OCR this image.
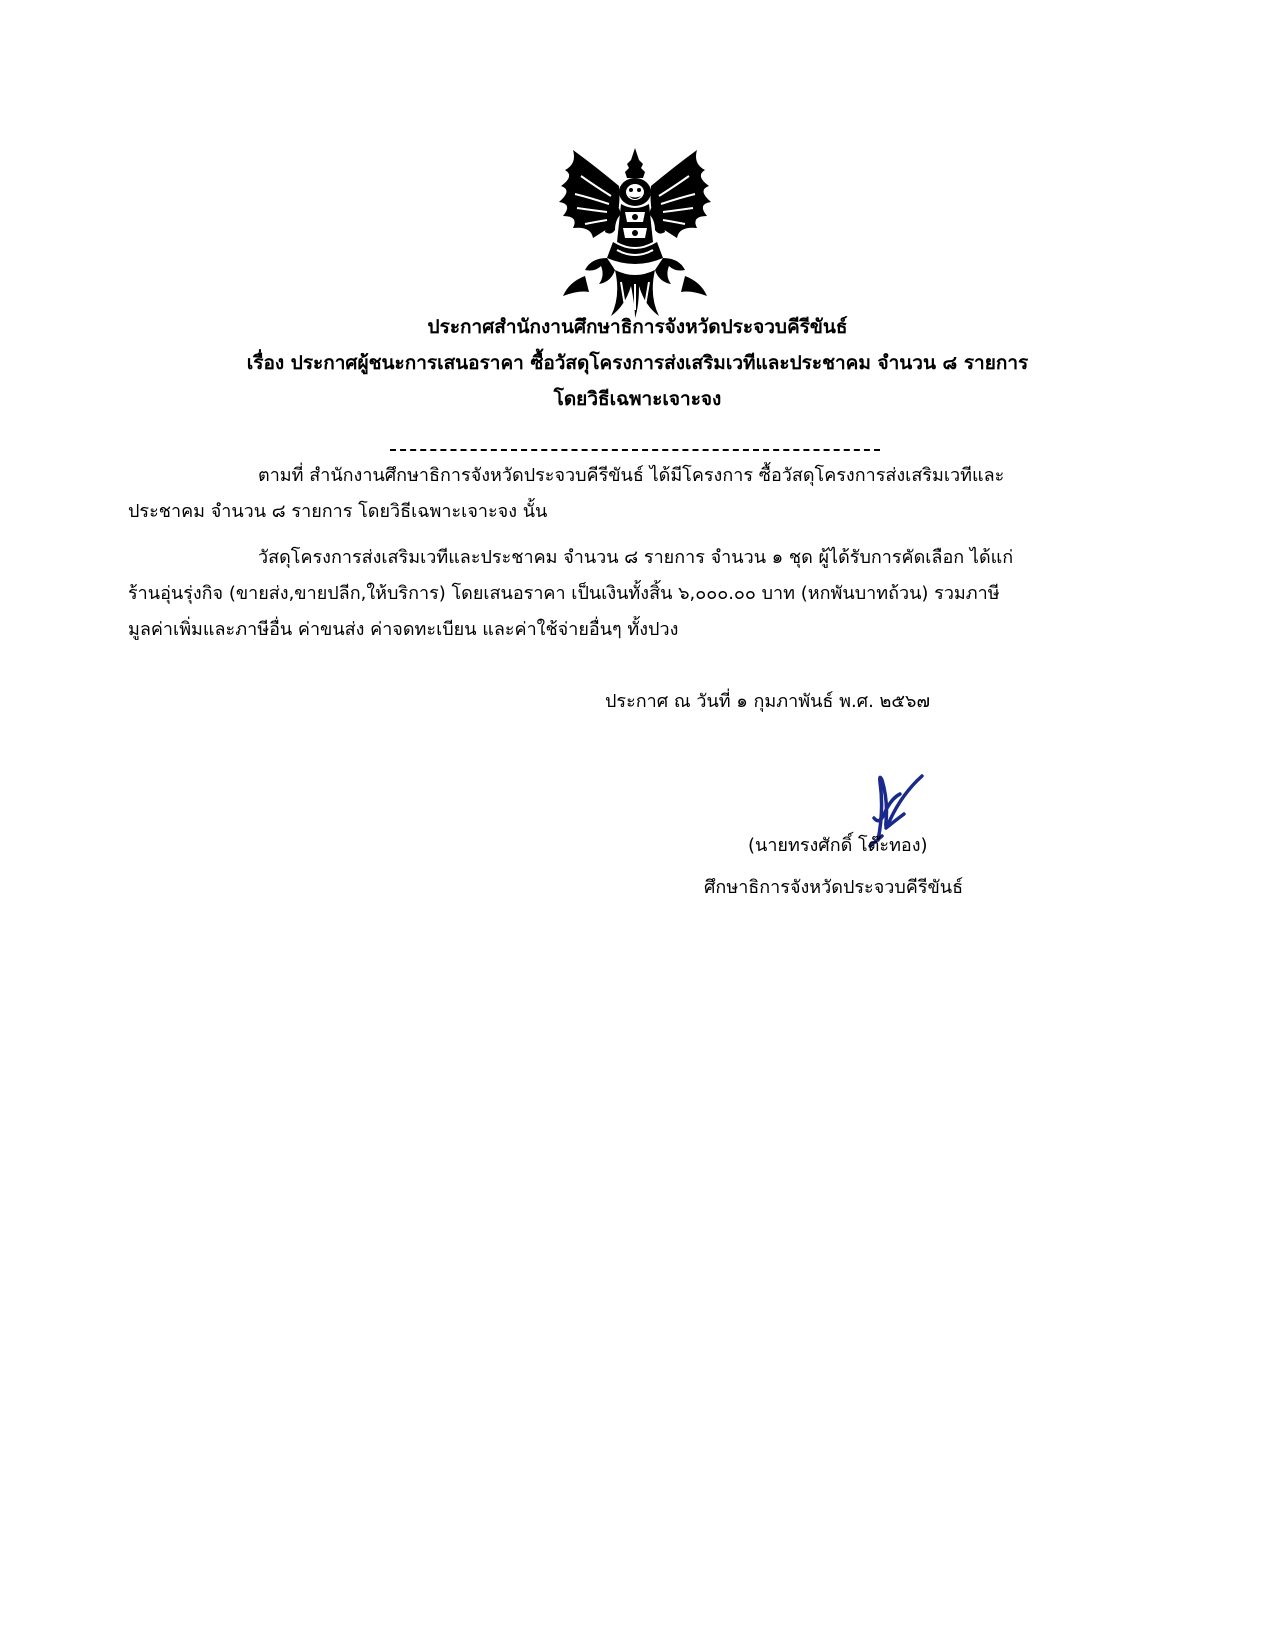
ประกาศสำนักงานศึกษาธิการจังหวัดประจวบคีรีขันธ์
เรื่อง ประกาศผู้ชนะการเสนอราคา ซื้อวัสดุโครงการส่งเสริมเวทีและประชาคม จำนวน ๘ รายการ
โดยวิธีเฉพาะเจาะจง
ตามที่ สำนักงานศึกษาธิการจังหวัดประจวบคีรีขันธ์ ได้มีโครงการ ซื้อวัสดุโครงการส่งเสริมเวทีและ
ประชาคม จำนวน ๘ รายการ โดยวิธีเฉพาะเจาะจง นั้น
วัสดุโครงการส่งเสริมเวทีและประชาคม จำนวน ๘ รายการ จำนวน ๑ ชุด ผู้ได้รับการคัดเลือก ได้แก่
ร้านอุ่นรุ่งกิจ (ขายส่ง,ขายปลีก,ให้บริการ) โดยเสนอราคา เป็นเงินทั้งสิ้น ๖,๐๐๐.๐๐ บาท (หกพันบาทถ้วน) รวมภาษี
มูลค่าเพิ่มและภาษีอื่น ค่าขนส่ง ค่าจดทะเบียน และค่าใช้จ่ายอื่นๆ ทั้งปวง
ประกาศ ณ วันที่ ๑ กุมภาพันธ์ พ.ศ. ๒๕๖๗
(นายทรงศักดิ์ โต๊ะทอง)
ศึกษาธิการจังหวัดประจวบคีรีขันธ์
